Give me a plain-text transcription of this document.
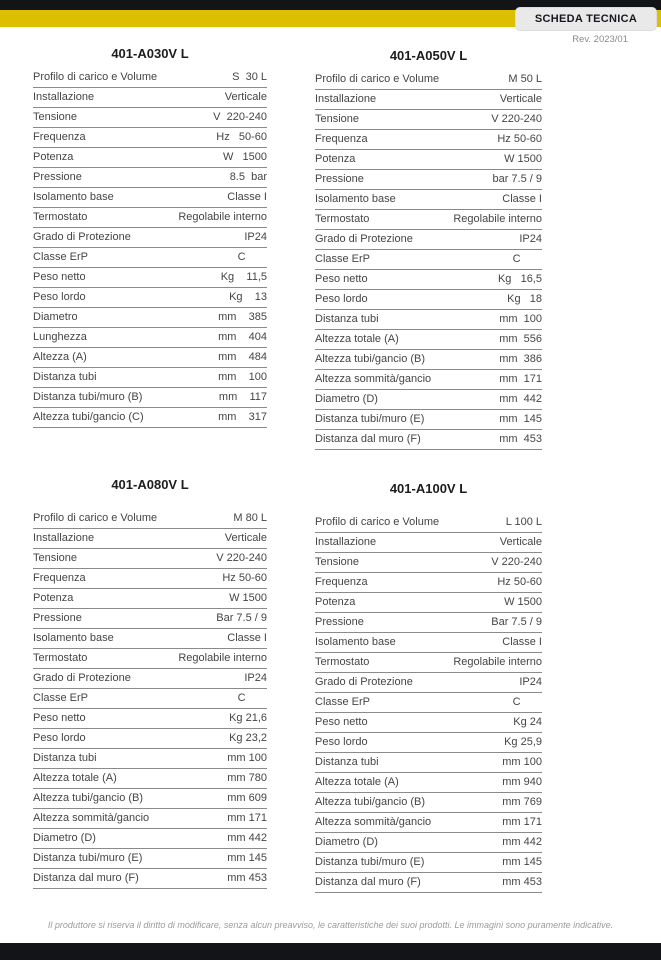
SCHEDA TECNICA
Rev. 2023/01
401-A030V L
Profilo di carico e Volume	S  30 L
Installazione	Verticale
Tensione	V  220-240
Frequenza	Hz   50-60
Potenza	W   1500
Pressione	8.5  bar
Isolamento base	Classe I
Termostato	Regolabile interno
Grado di Protezione	IP24
Classe ErP	C
Peso netto	Kg    11,5
Peso lordo	Kg    13
Diametro	mm    385
Lunghezza	mm    404
Altezza (A)	mm    484
Distanza tubi	mm    100
Distanza tubi/muro (B)	mm    117
Altezza tubi/gancio (C)	mm    317
401-A050V L
Profilo di carico e Volume	M 50 L
Installazione	Verticale
Tensione	V 220-240
Frequenza	Hz 50-60
Potenza	W 1500
Pressione	bar 7.5 / 9
Isolamento base	Classe I
Termostato	Regolabile interno
Grado di Protezione	IP24
Classe ErP	C
Peso netto	Kg   16,5
Peso lordo	Kg   18
Distanza tubi	mm  100
Altezza totale (A)	mm  556
Altezza tubi/gancio (B)	mm  386
Altezza sommità/gancio	mm  171
Diametro (D)	mm  442
Distanza tubi/muro (E)	mm  145
Distanza dal muro (F)	mm  453
401-A080V L
Profilo di carico e Volume	M 80 L
Installazione	Verticale
Tensione	V 220-240
Frequenza	Hz 50-60
Potenza	W 1500
Pressione	Bar 7.5 / 9
Isolamento base	Classe I
Termostato	Regolabile interno
Grado di Protezione	IP24
Classe ErP	C
Peso netto	Kg 21,6
Peso lordo	Kg 23,2
Distanza tubi	mm 100
Altezza totale (A)	mm 780
Altezza tubi/gancio (B)	mm 609
Altezza sommità/gancio	mm 171
Diametro (D)	mm 442
Distanza tubi/muro (E)	mm 145
Distanza dal muro (F)	mm 453
401-A100V L
Profilo di carico e Volume	L 100 L
Installazione	Verticale
Tensione	V 220-240
Frequenza	Hz 50-60
Potenza	W 1500
Pressione	Bar 7.5 / 9
Isolamento base	Classe I
Termostato	Regolabile interno
Grado di Protezione	IP24
Classe ErP	C
Peso netto	Kg 24
Peso lordo	Kg 25,9
Distanza tubi	mm 100
Altezza totale (A)	mm 940
Altezza tubi/gancio (B)	mm 769
Altezza sommità/gancio	mm 171
Diametro (D)	mm 442
Distanza tubi/muro (E)	mm 145
Distanza dal muro (F)	mm 453
Il produttore si riserva il diritto di modificare, senza alcun preavviso, le caratteristiche dei suoi prodotti. Le immagini sono puramente indicative.
